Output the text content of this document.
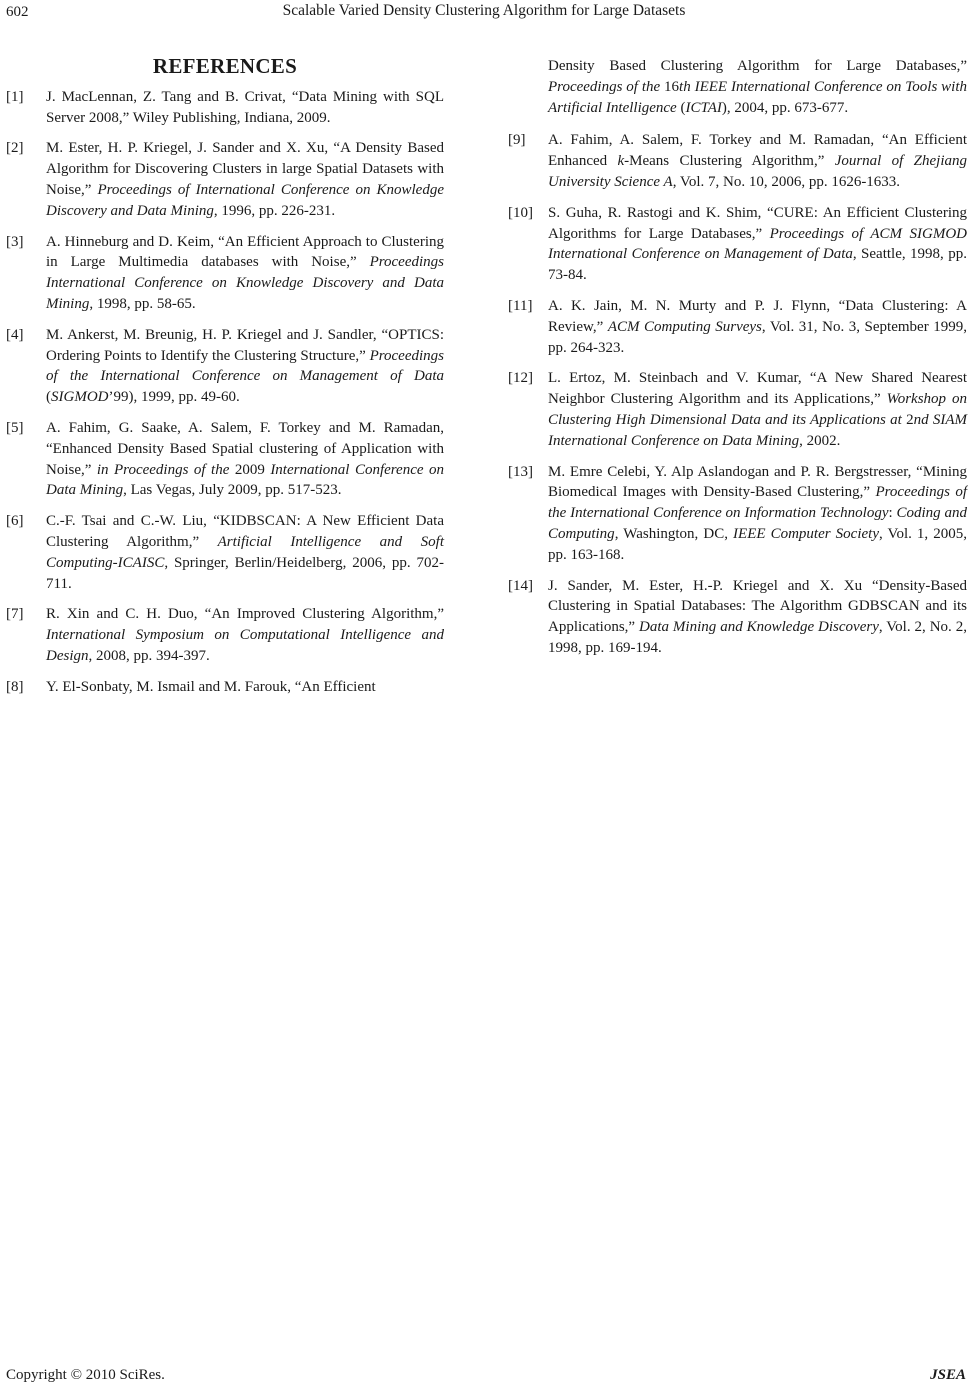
602	Scalable Varied Density Clustering Algorithm for Large Datasets
REFERENCES
[1]	J. MacLennan, Z. Tang and B. Crivat, “Data Mining with SQL Server 2008,” Wiley Publishing, Indiana, 2009.
[2]	M. Ester, H. P. Kriegel, J. Sander and X. Xu, “A Density Based Algorithm for Discovering Clusters in large Spatial Datasets with Noise,” Proceedings of International Conference on Knowledge Discovery and Data Mining, 1996, pp. 226-231.
[3]	A. Hinneburg and D. Keim, “An Efficient Approach to Clustering in Large Multimedia databases with Noise,” Proceedings International Conference on Knowledge Discovery and Data Mining, 1998, pp. 58-65.
[4]	M. Ankerst, M. Breunig, H. P. Kriegel and J. Sandler, “OPTICS: Ordering Points to Identify the Clustering Structure,” Proceedings of the International Conference on Management of Data (SIGMOD’99), 1999, pp. 49-60.
[5]	A. Fahim, G. Saake, A. Salem, F. Torkey and M. Ramadan, “Enhanced Density Based Spatial clustering of Application with Noise,” in Proceedings of the 2009 International Conference on Data Mining, Las Vegas, July 2009, pp. 517-523.
[6]	C.-F. Tsai and C.-W. Liu, “KIDBSCAN: A New Efficient Data Clustering Algorithm,” Artificial Intelligence and Soft Computing-ICAISC, Springer, Berlin/Heidelberg, 2006, pp. 702-711.
[7]	R. Xin and C. H. Duo, “An Improved Clustering Algorithm,” International Symposium on Computational Intelligence and Design, 2008, pp. 394-397.
[8]	Y. El-Sonbaty, M. Ismail and M. Farouk, “An Efficient
Density Based Clustering Algorithm for Large Databases,” Proceedings of the 16th IEEE International Conference on Tools with Artificial Intelligence (ICTAI), 2004, pp. 673-677.
[9]	A. Fahim, A. Salem, F. Torkey and M. Ramadan, “An Efficient Enhanced k-Means Clustering Algorithm,” Journal of Zhejiang University Science A, Vol. 7, No. 10, 2006, pp. 1626-1633.
[10]	S. Guha, R. Rastogi and K. Shim, “CURE: An Efficient Clustering Algorithms for Large Databases,” Proceedings of ACM SIGMOD International Conference on Management of Data, Seattle, 1998, pp. 73-84.
[11]	A. K. Jain, M. N. Murty and P. J. Flynn, “Data Clustering: A Review,” ACM Computing Surveys, Vol. 31, No. 3, September 1999, pp. 264-323.
[12]	L. Ertoz, M. Steinbach and V. Kumar, “A New Shared Nearest Neighbor Clustering Algorithm and its Applications,” Workshop on Clustering High Dimensional Data and its Applications at 2nd SIAM International Conference on Data Mining, 2002.
[13]	M. Emre Celebi, Y. Alp Aslandogan and P. R. Bergstresser, “Mining Biomedical Images with Density-Based Clustering,” Proceedings of the International Conference on Information Technology: Coding and Computing, Washington, DC, IEEE Computer Society, Vol. 1, 2005, pp. 163-168.
[14]	J. Sander, M. Ester, H.-P. Kriegel and X. Xu “Density-Based Clustering in Spatial Databases: The Algorithm GDBSCAN and its Applications,” Data Mining and Knowledge Discovery, Vol. 2, No. 2, 1998, pp. 169-194.
Copyright © 2010 SciRes.	JSEA
